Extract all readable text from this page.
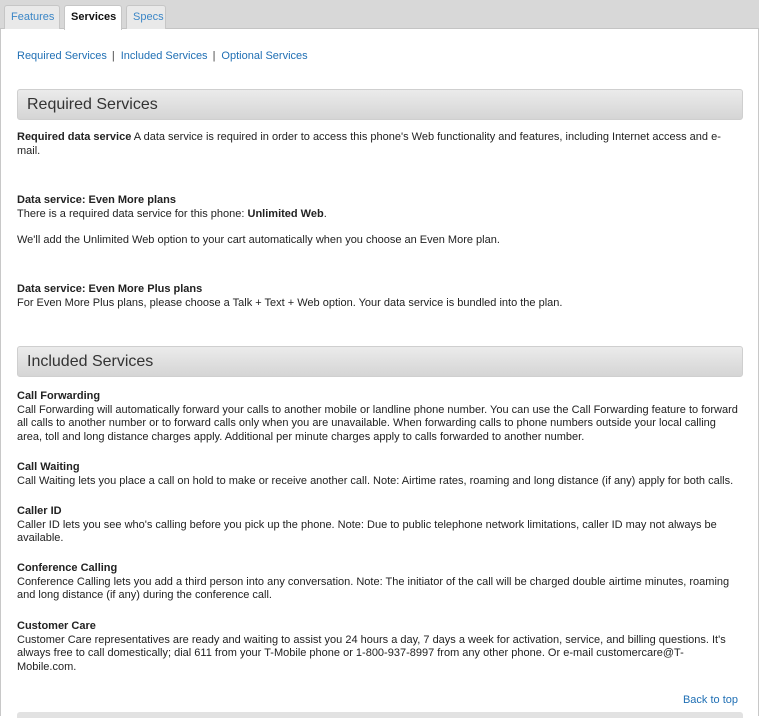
Features	Services	Specs
Required Services | Included Services | Optional Services
Required Services

Required data service A data service is required in order to access this phone's Web functionality and features, including Internet access and e-mail.

Data service: Even More plans

There is a required data service for this phone: Unlimited Web.

We'll add the Unlimited Web option to your cart automatically when you choose an Even More plan.

Data service: Even More Plus plans

For Even More Plus plans, please choose a Talk + Text + Web option. Your data service is bundled into the plan.

Included Services

Call Forwarding

Call Forwarding will automatically forward your calls to another mobile or landline phone number. You can use the Call Forwarding feature to forward all calls to another number or to forward calls only when you are unavailable. When forwarding calls to phone numbers outside your local calling area, toll and long distance charges apply. Additional per minute charges apply to calls forwarded to another number.

Call Waiting

Call Waiting lets you place a call on hold to make or receive another call. Note: Airtime rates, roaming and long distance (if any) apply for both calls.

Caller ID

Caller ID lets you see who's calling before you pick up the phone. Note: Due to public telephone network limitations, caller ID may not always be available.

Conference Calling

Conference Calling lets you add a third person into any conversation. Note: The initiator of the call will be charged double airtime minutes, roaming and long distance (if any) during the conference call.

Customer Care

Customer Care representatives are ready and waiting to assist you 24 hours a day, 7 days a week for activation, service, and billing questions. It's always free to call domestically; dial 611 from your T-Mobile phone or 1-800-937-8997 from any other phone. Or e-mail customercare@T-Mobile.com.

Back to top
